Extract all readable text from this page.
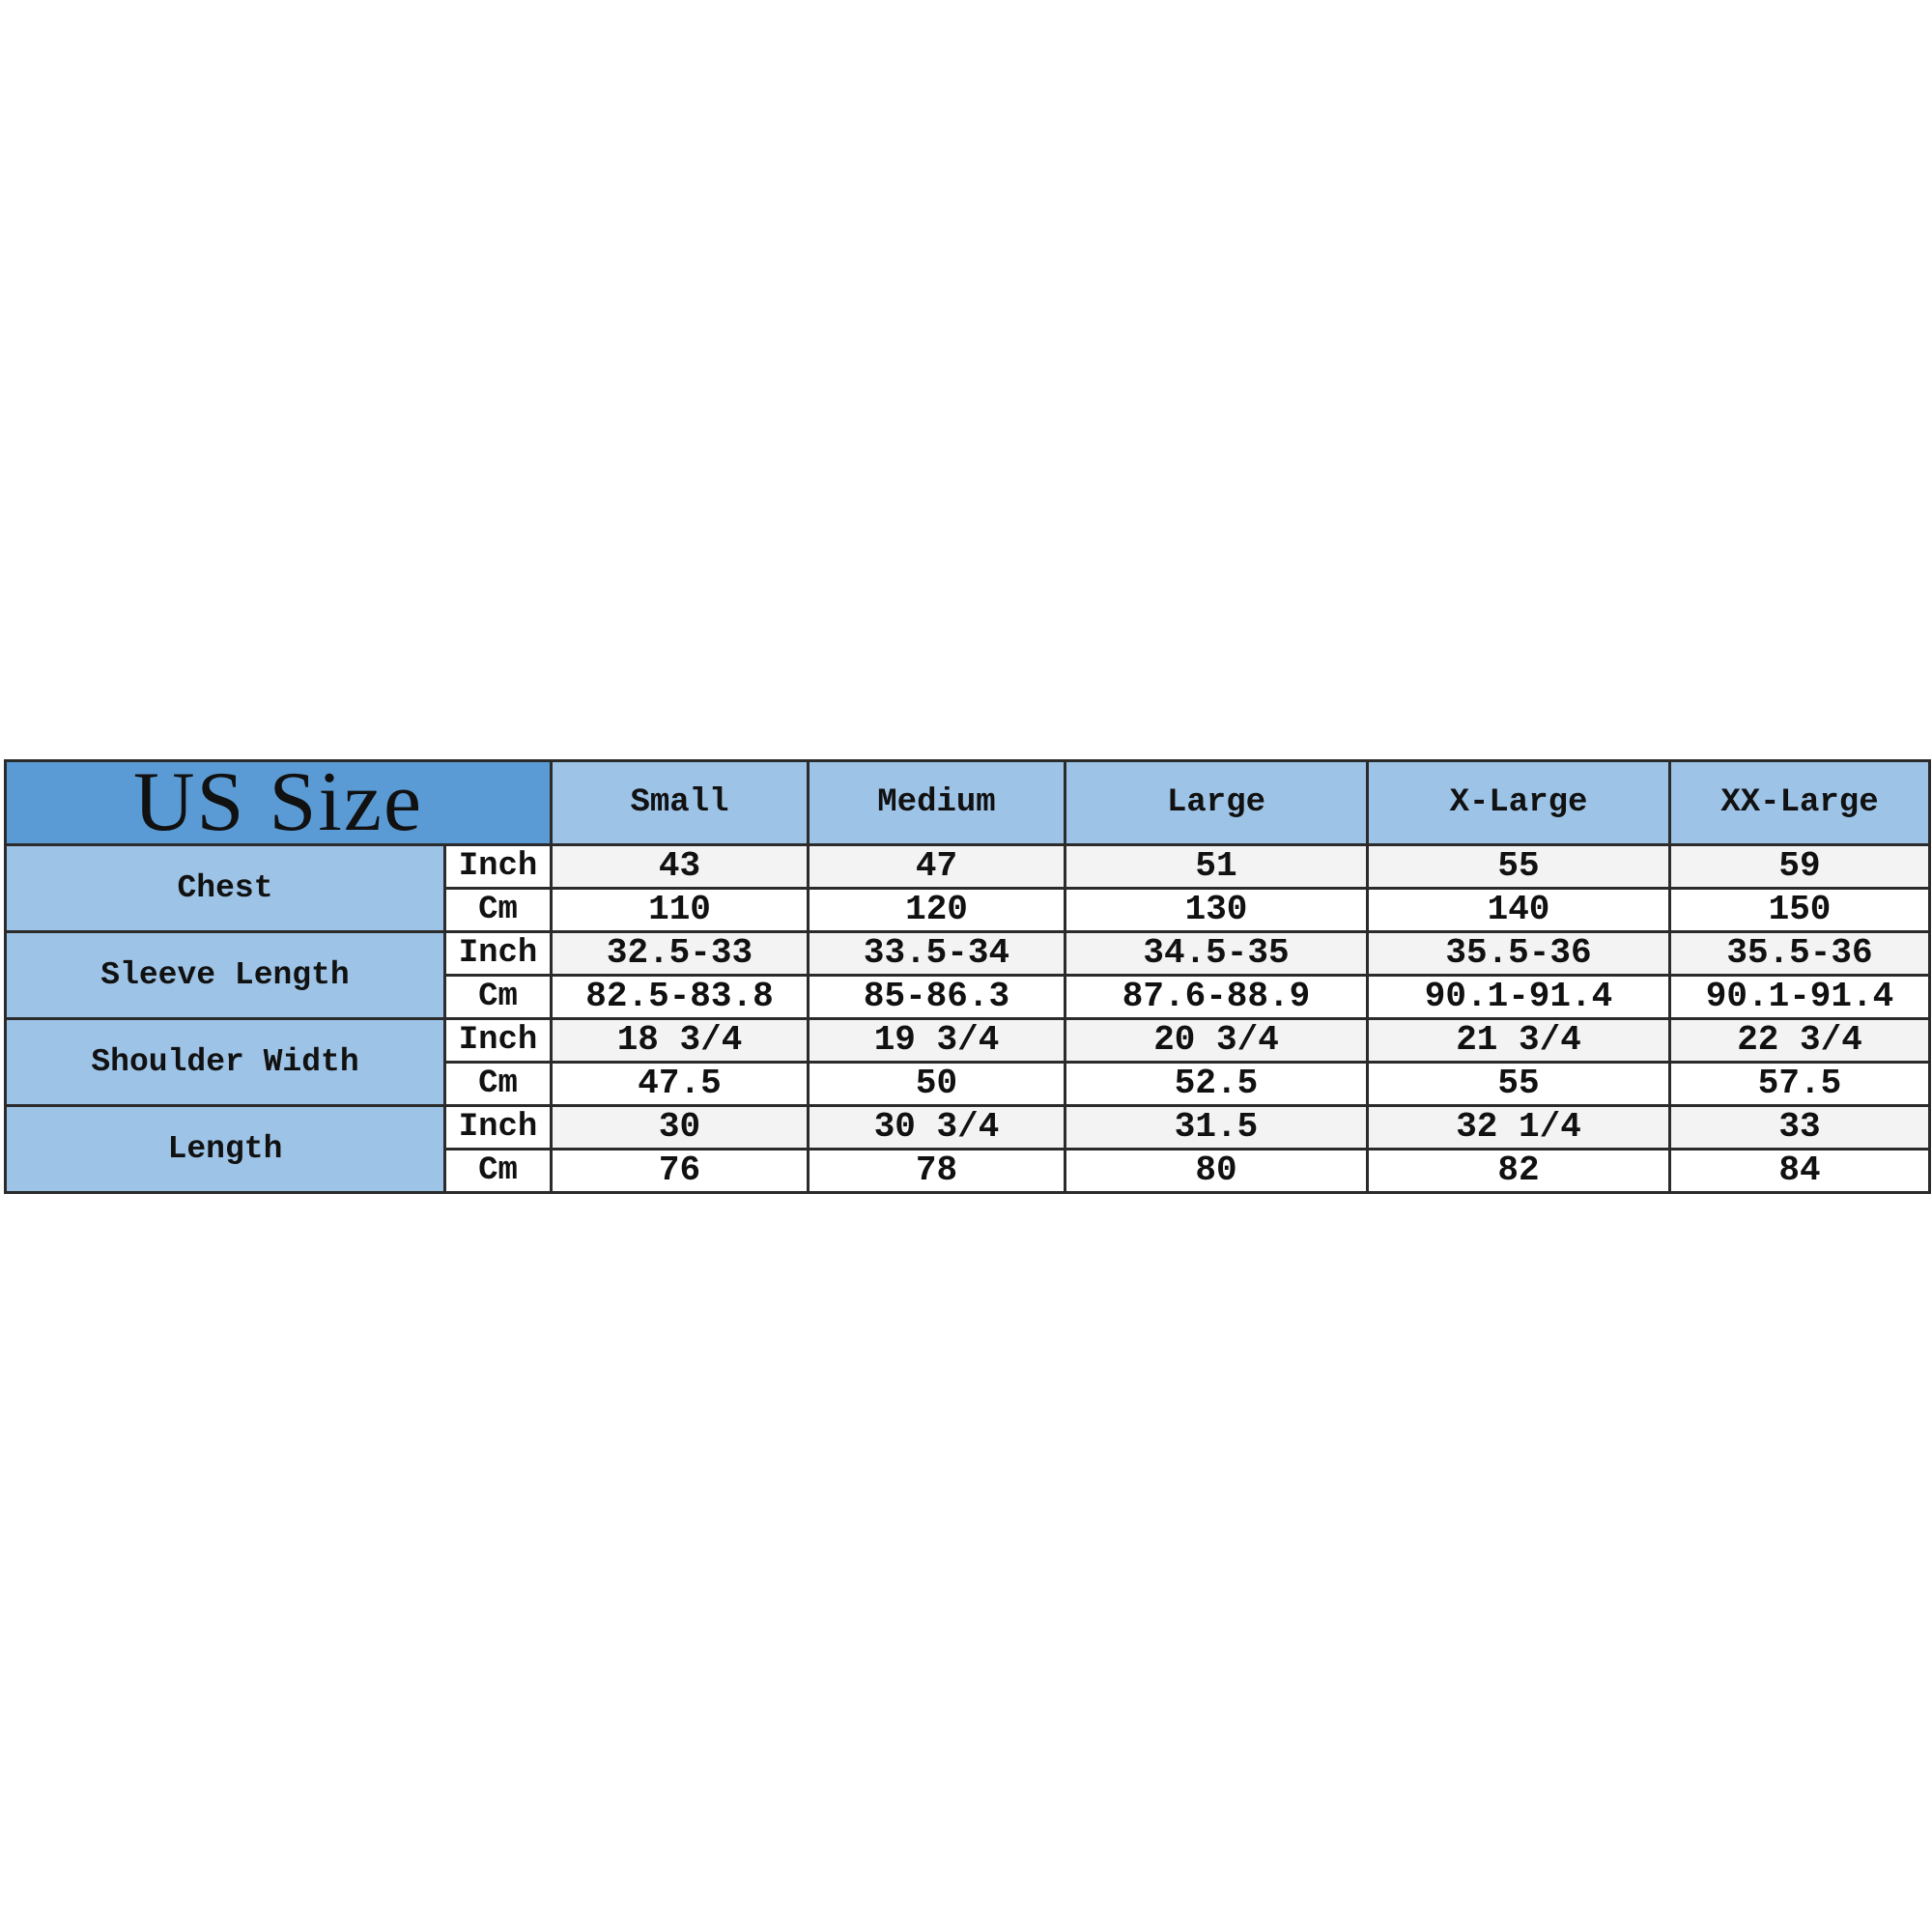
US Size		Small	Medium	Large	X-Large	XX-Large
Chest	Inch	43	47	51	55	59
	Cm	110	120	130	140	150
Sleeve Length	Inch	32.5-33	33.5-34	34.5-35	35.5-36	35.5-36
	Cm	82.5-83.8	85-86.3	87.6-88.9	90.1-91.4	90.1-91.4
Shoulder Width	Inch	18 3/4	19 3/4	20 3/4	21 3/4	22 3/4
	Cm	47.5	50	52.5	55	57.5
Length	Inch	30	30 3/4	31.5	32 1/4	33
	Cm	76	78	80	82	84
